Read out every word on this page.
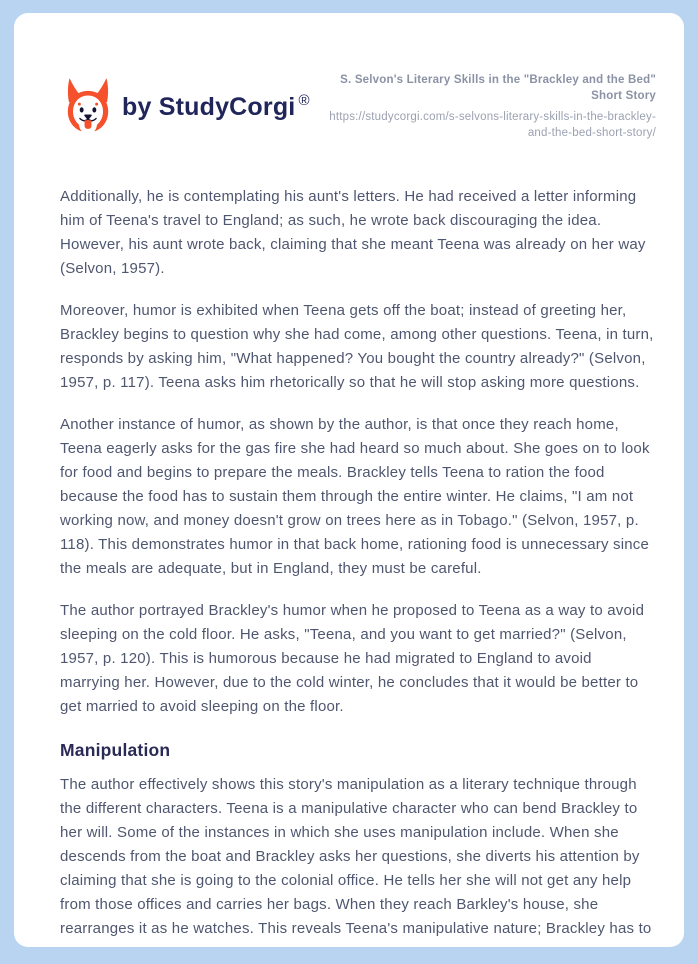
by StudyCorgi ®

S. Selvon's Literary Skills in the "Brackley and the Bed" Short Story

https://studycorgi.com/s-selvons-literary-skills-in-the-brackley-and-the-bed-short-story/

Additionally, he is contemplating his aunt's letters. He had received a letter informing him of Teena's travel to England; as such, he wrote back discouraging the idea. However, his aunt wrote back, claiming that she meant Teena was already on her way (Selvon, 1957).

Moreover, humor is exhibited when Teena gets off the boat; instead of greeting her, Brackley begins to question why she had come, among other questions. Teena, in turn, responds by asking him, "What happened? You bought the country already?" (Selvon, 1957, p. 117). Teena asks him rhetorically so that he will stop asking more questions.

Another instance of humor, as shown by the author, is that once they reach home, Teena eagerly asks for the gas fire she had heard so much about. She goes on to look for food and begins to prepare the meals. Brackley tells Teena to ration the food because the food has to sustain them through the entire winter. He claims, "I am not working now, and money doesn't grow on trees here as in Tobago." (Selvon, 1957, p. 118). This demonstrates humor in that back home, rationing food is unnecessary since the meals are adequate, but in England, they must be careful.

The author portrayed Brackley's humor when he proposed to Teena as a way to avoid sleeping on the cold floor. He asks, "Teena, and you want to get married?" (Selvon, 1957, p. 120). This is humorous because he had migrated to England to avoid marrying her. However, due to the cold winter, he concludes that it would be better to get married to avoid sleeping on the floor.

Manipulation

The author effectively shows this story's manipulation as a literary technique through the different characters. Teena is a manipulative character who can bend Brackley to her will. Some of the instances in which she uses manipulation include. When she descends from the boat and Brackley asks her questions, she diverts his attention by claiming that she is going to the colonial office. He tells her she will not get any help from those offices and carries her bags. When they reach Barkley's house, she rearranges it as he watches. This reveals Teena's manipulative nature; Brackley has to
